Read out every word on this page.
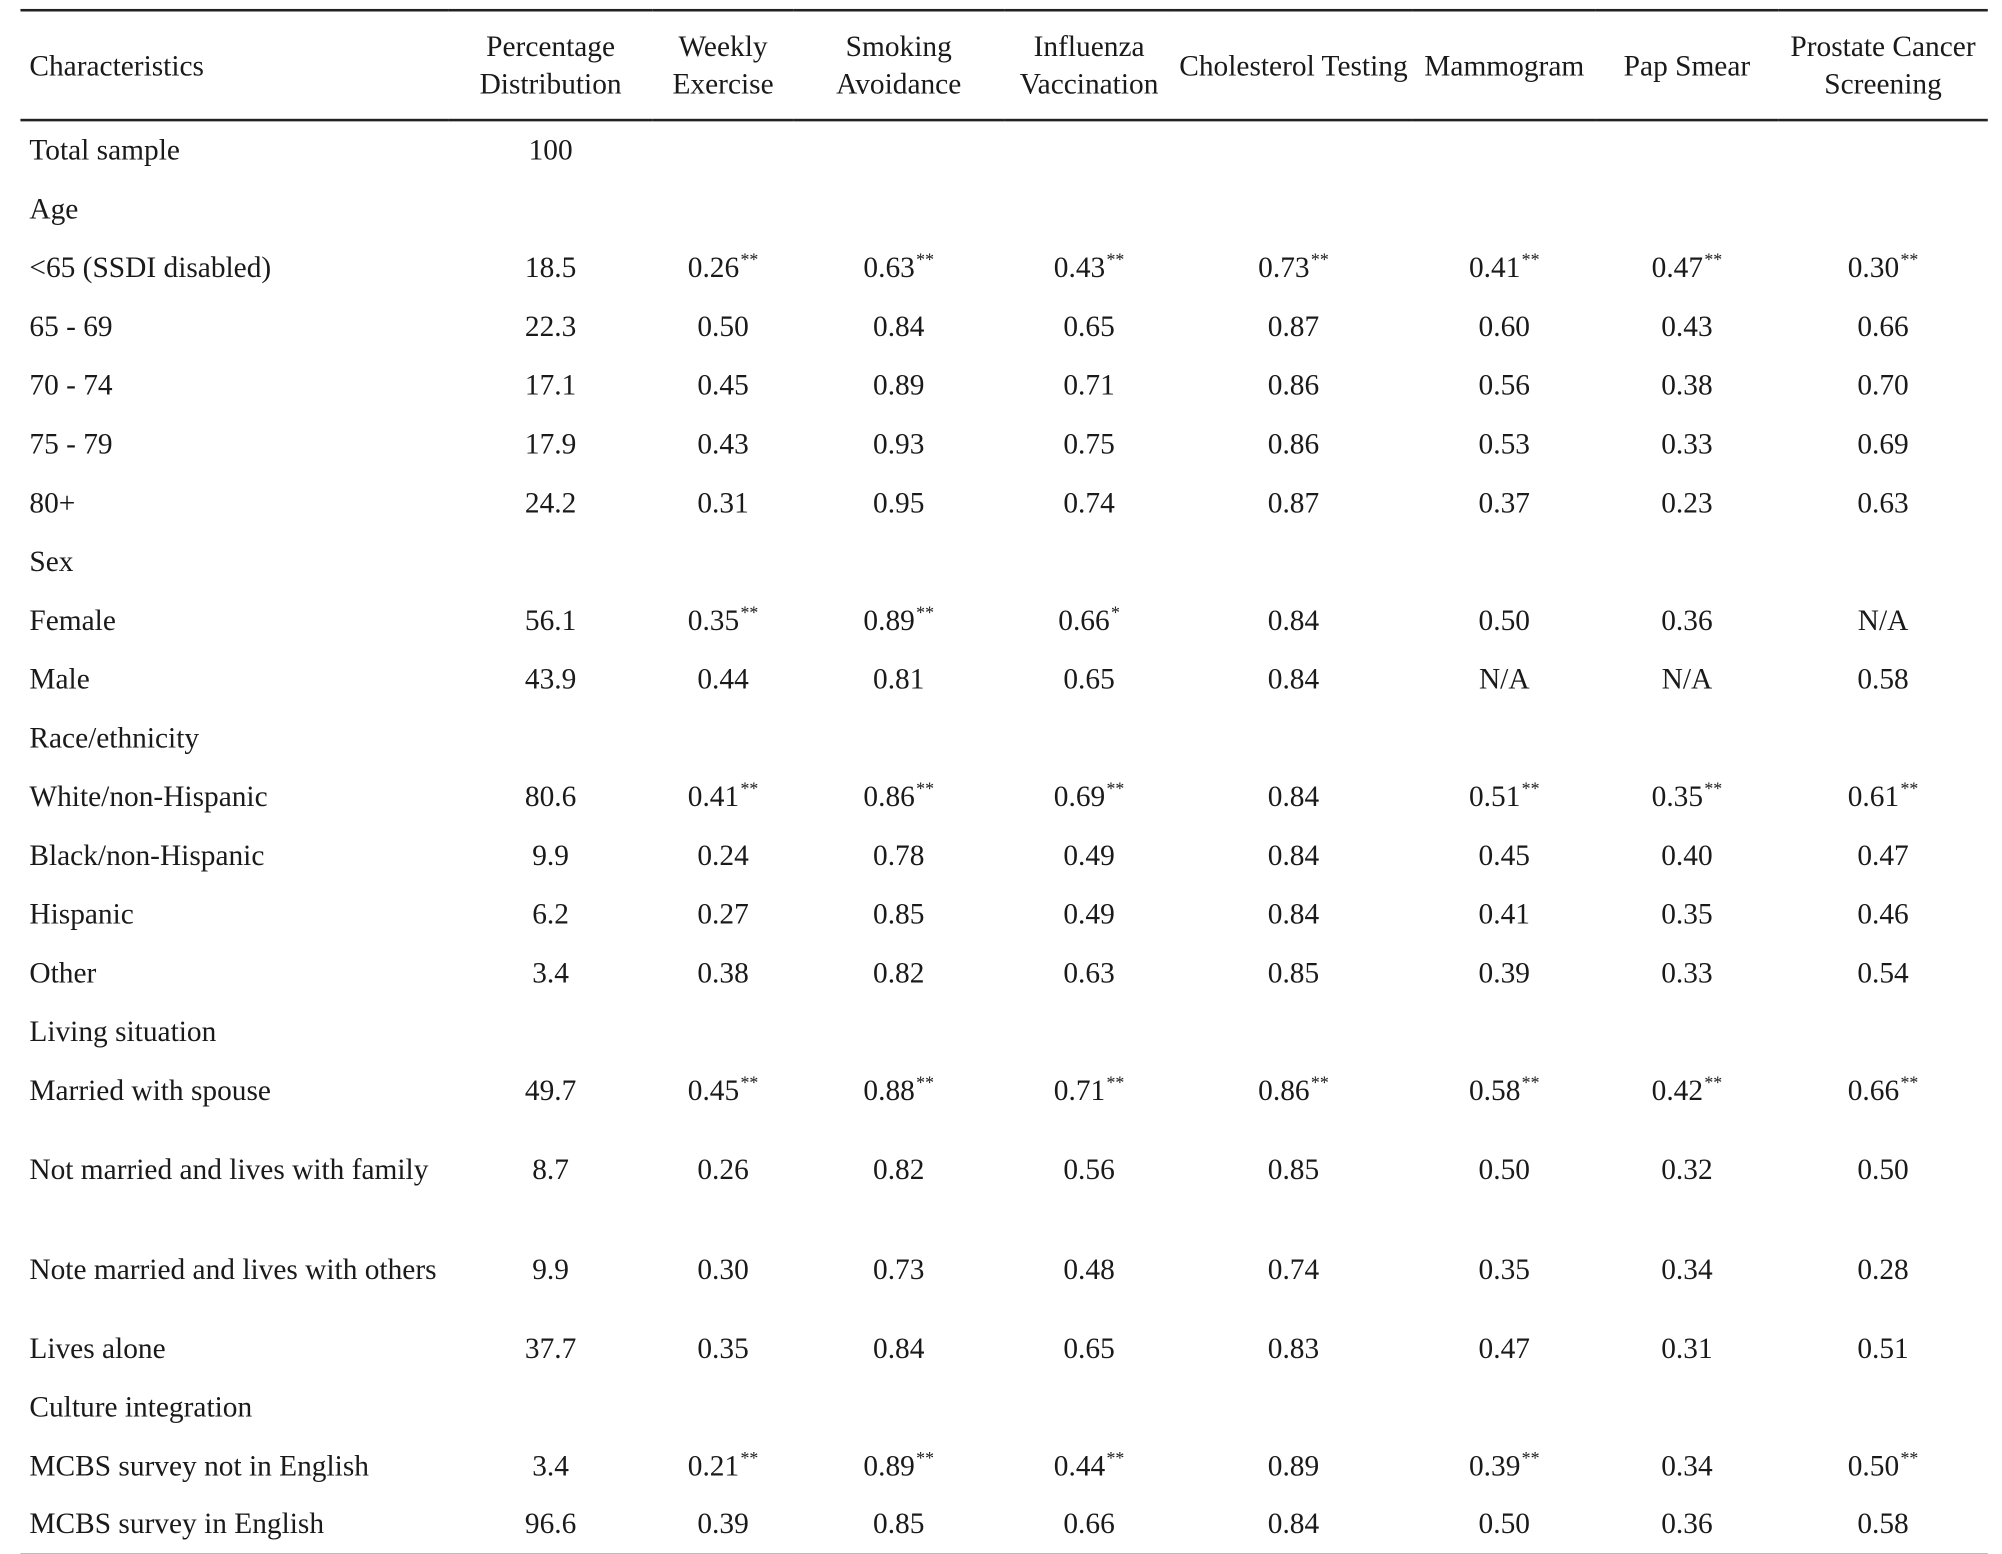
Characteristics	Percentage Distribution	Weekly Exercise	Smoking Avoidance	Influenza Vaccination	Cholesterol Testing	Mammogram	Pap Smear	Prostate Cancer Screening
Total sample	100							
Age								
<65 (SSDI disabled)	18.5	0.26**	0.63**	0.43**	0.73**	0.41**	0.47**	0.30**
65 - 69	22.3	0.50	0.84	0.65	0.87	0.60	0.43	0.66
70 - 74	17.1	0.45	0.89	0.71	0.86	0.56	0.38	0.70
75 - 79	17.9	0.43	0.93	0.75	0.86	0.53	0.33	0.69
80+	24.2	0.31	0.95	0.74	0.87	0.37	0.23	0.63
Sex								
Female	56.1	0.35**	0.89**	0.66*	0.84	0.50	0.36	N/A
Male	43.9	0.44	0.81	0.65	0.84	N/A	N/A	0.58
Race/ethnicity								
White/non-Hispanic	80.6	0.41**	0.86**	0.69**	0.84	0.51**	0.35**	0.61**
Black/non-Hispanic	9.9	0.24	0.78	0.49	0.84	0.45	0.40	0.47
Hispanic	6.2	0.27	0.85	0.49	0.84	0.41	0.35	0.46
Other	3.4	0.38	0.82	0.63	0.85	0.39	0.33	0.54
Living situation								
Married with spouse	49.7	0.45**	0.88**	0.71**	0.86**	0.58**	0.42**	0.66**
Not married and lives with family	8.7	0.26	0.82	0.56	0.85	0.50	0.32	0.50
Note married and lives with others	9.9	0.30	0.73	0.48	0.74	0.35	0.34	0.28
Lives alone	37.7	0.35	0.84	0.65	0.83	0.47	0.31	0.51
Culture integration								
MCBS survey not in English	3.4	0.21**	0.89**	0.44**	0.89	0.39**	0.34	0.50**
MCBS survey in English	96.6	0.39	0.85	0.66	0.84	0.50	0.36	0.58
